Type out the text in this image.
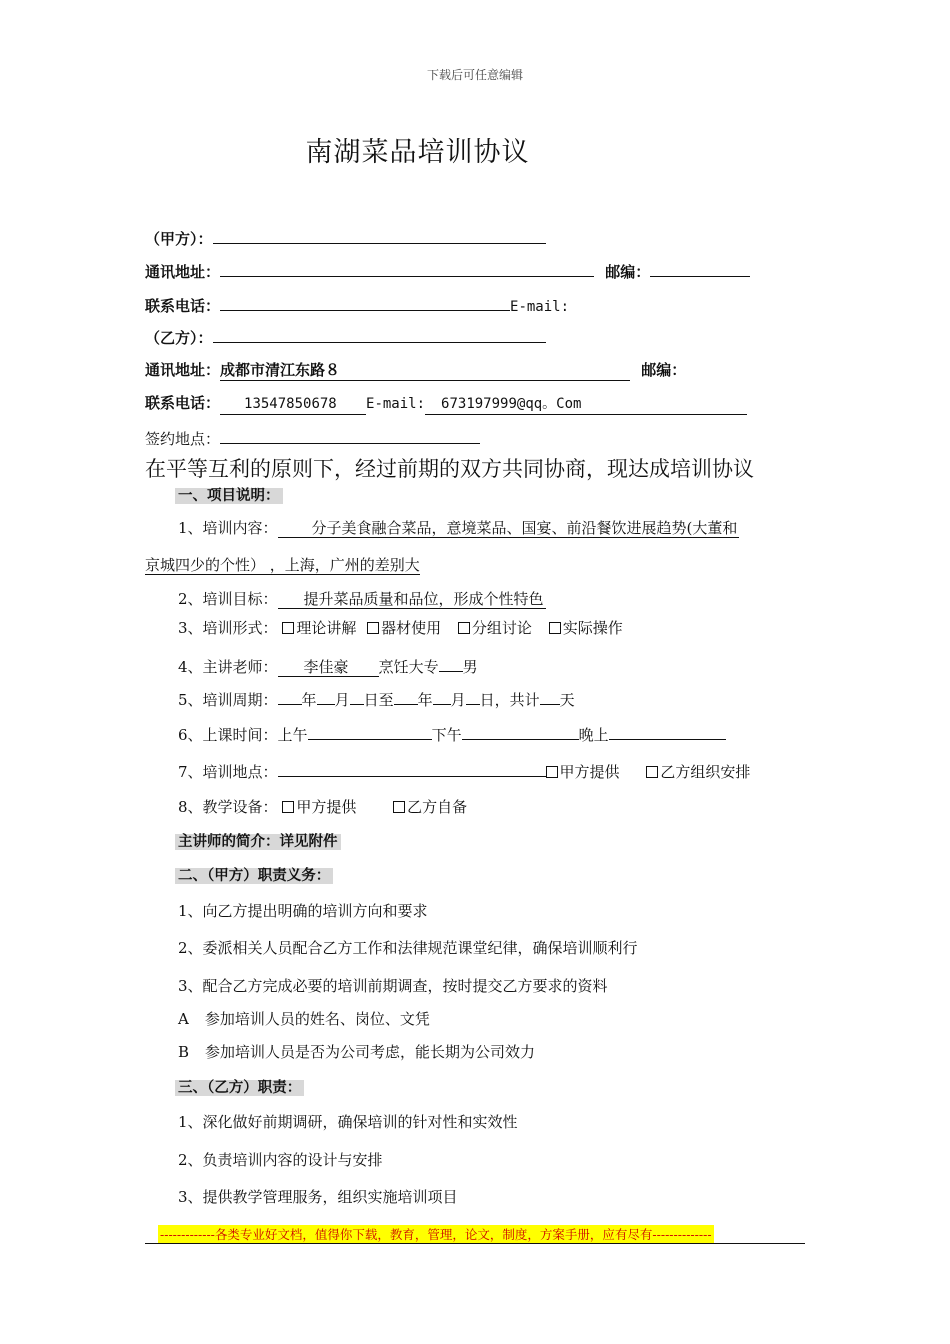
下载后可任意编辑
南湖菜品培训协议
（甲方）：
通讯地址：	邮编：
联系电话：	E-mail:
（乙方）：
通讯地址：成都市清江东路８	邮编：
联系电话： 13547850678 E-mail: 673197999@qq。Com
签约地点：
在平等互利的原则下，经过前期的双方共同协商，现达成培训协议
一、项目说明：
1、培训内容： 分子美食融合菜品，意境菜品、国宴、前沿餐饮进展趋势(大董和
京城四少的个性） ，上海，广州的差别大
2、培训目标： 提升菜品质量和品位，形成个性特色
3、培训形式： 理论讲解 器材使用 分组讨论 实际操作
4、主讲老师： 李佳豪 烹饪大专 男
5、培训周期： 年 月 日至 年 月 日，共计 天
6、上课时间：上午	下午	晚上
7、培训地点：	甲方提供	乙方组织安排
8、教学设备： 甲方提供	乙方自备
主讲师的简介：详见附件
二、（甲方）职责义务：
1、向乙方提出明确的培训方向和要求
2、委派相关人员配合乙方工作和法律规范课堂纪律，确保培训顺利行
3、配合乙方完成必要的培训前期调查，按时提交乙方要求的资料
A 参加培训人员的姓名、岗位、文凭
B 参加培训人员是否为公司考虑，能长期为公司效力
三、（乙方）职责：
1、深化做好前期调研，确保培训的针对性和实效性
2、负责培训内容的设计与安排
3、提供教学管理服务，组织实施培训项目
-------------各类专业好文档，值得你下载，教育，管理，论文，制度，方案手册，应有尽有--------------
